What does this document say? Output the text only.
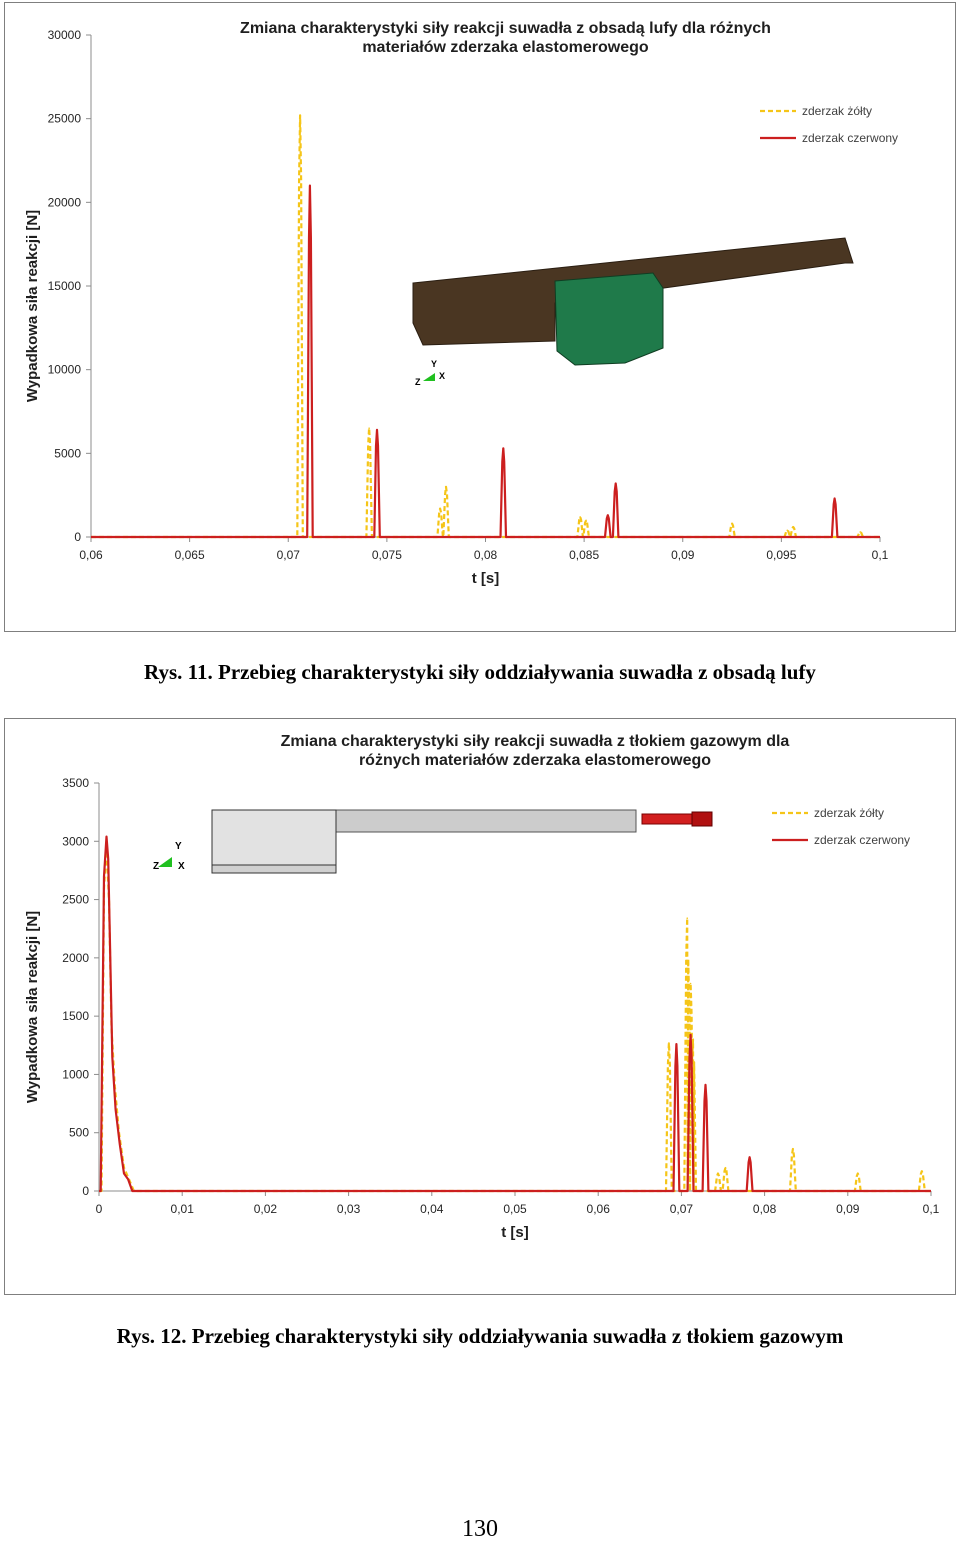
Zmiana charakterystyki siły reakcji suwadła z obsadą lufy dla różnych
materiałów zderzaka elastomerowego
0
5000
10000
15000
20000
25000
30000
0,06	0,065	0,07	0,075	0,08	0,085	0,09	0,095	0,1
t [s]
Wypadkowa siła reakcji [N]
zderzak żółty
zderzak czerwony
Y
Z
X
Rys. 11. Przebieg charakterystyki siły oddziaływania suwadła z obsadą lufy
Zmiana charakterystyki siły reakcji suwadła z tłokiem gazowym dla
różnych materiałów zderzaka elastomerowego
0
500
1000
1500
2000
2500
3000
3500
0	0,01	0,02	0,03	0,04	0,05	0,06	0,07	0,08	0,09	0,1
t [s]
Wypadkowa siła reakcji [N]
zderzak żółty
zderzak czerwony
Y
Z X
Rys. 12. Przebieg charakterystyki siły oddziaływania suwadła z tłokiem gazowym
130
